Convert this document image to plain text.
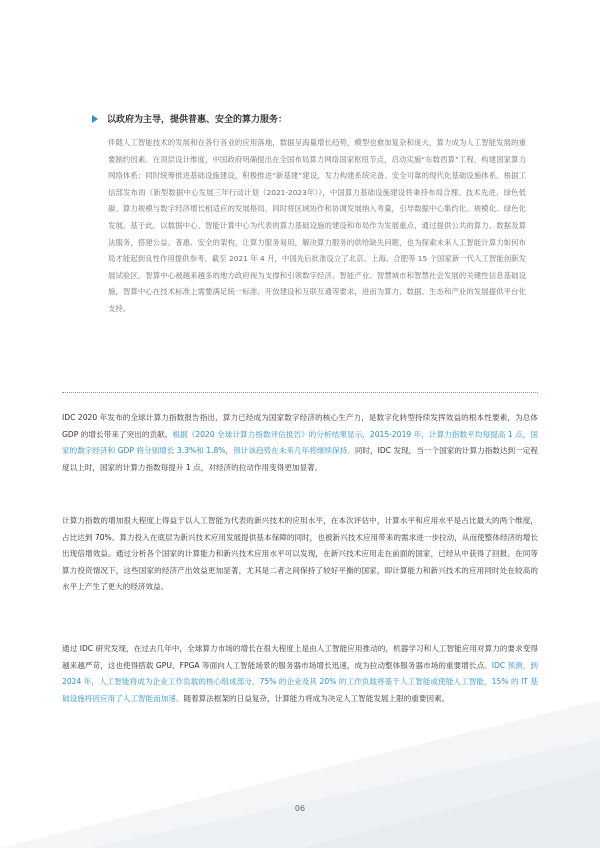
以政府为主导，提供普惠、安全的算力服务：
伴随人工智能技术的发展和在各行各业的应用落地，数据呈海量增长趋势，模型也愈加复杂和庞大，算力成为人工智能发展的重要制约因素。在顶层设计维度，中国政府明确提出在全国布局算力网络国家枢纽节点，启动实施“东数西算”工程，构建国家算力网络体系；同时统筹推进基础设施建设，积极推进“新基建”建设，发力构建系统完备、安全可靠的现代化基础设施体系。根据工信部发布的《新型数据中心发展三年行动计划（2021-2023年）》，中国算力基础设施建设将秉持布局合理、技术先进、绿色低碳、算力规模与数字经济增长相适应的发展格局，同时将区域协作和协调发展纳入考量，引导数据中心集约化、规模化、绿色化发展。基于此，以数据中心、智能计算中心为代表的算力基础设施的建设和布局作为发展重点，通过提供公共的算力、数据及算法服务，搭建公益、普惠、安全的架构，让算力服务易用，解决算力服务的供给缺失问题，也为探索未来人工智能计算力如何布局才能起到良性作用提供参考。截至 2021 年 4 月，中国先后批准设立了北京、上海、合肥等 15 个国家新一代人工智能创新发展试验区。智算中心被越来越多的地方政府视为支撑和引领数字经济、智能产业、智慧城市和智慧社会发展的关键性信息基础设施，智算中心在技术标准上需要满足统一标准、开放建设和互联互通等要求，进而为算力、数据、生态和产业的发展提供平台化支持。
IDC 2020 年发布的全球计算力指数报告指出，算力已经成为国家数字经济的核心生产力，是数字化转型持续发挥效益的根本性要素，为总体 GDP 的增长带来了突出的贡献。根据《2020 全球计算力指数评估报告》的分析结果显示，2015-2019 年，计算力指数平均每提高 1 点，国家的数字经济和 GDP 将分别增长 3.3%和 1.8%，预计该趋势在未来几年将继续保持。同时，IDC 发现，当一个国家的计算力指数达到一定程度以上时，国家的计算力指数每提升 1 点，对经济的拉动作用变得更加显著。
计算力指数的增加很大程度上得益于以人工智能为代表的新兴技术的应用水平，在本次评估中，计算水平和应用水平是占比最大的两个维度，占比达到 70%。算力投入在底层为新兴技术应用发展提供基本保障的同时，也被新兴技术应用带来的需求进一步拉动，从而使整体经济的增长出现倍增效益。通过分析各个国家的计算能力和新兴技术应用水平可以发现，在新兴技术应用走在前面的国家，已经从中获得了回报。在同等算力投资情况下，这些国家的经济产出效益更加显著，尤其是二者之间保持了较好平衡的国家，即计算能力和新兴技术的应用同时处在较高的水平上产生了更大的经济效益。
通过 IDC 研究发现，在过去几年中，全球算力市场的增长在很大程度上是由人工智能应用推动的，机器学习和人工智能应用对算力的要求变得越来越严苛，这也使得搭载 GPU、FPGA 等面向人工智能场景的服务器市场增长迅速，成为拉动整体服务器市场的重要增长点。IDC 预测，到 2024 年，人工智能将成为企业工作负载的核心组成部分，75% 的企业及其 20% 的工作负载将基于人工智能或使能人工智能，15% 的 IT 基础设施将因应用了人工智能而加速。随着算法框架的日益复杂，计算能力将成为决定人工智能发展上限的重要因素。
06
